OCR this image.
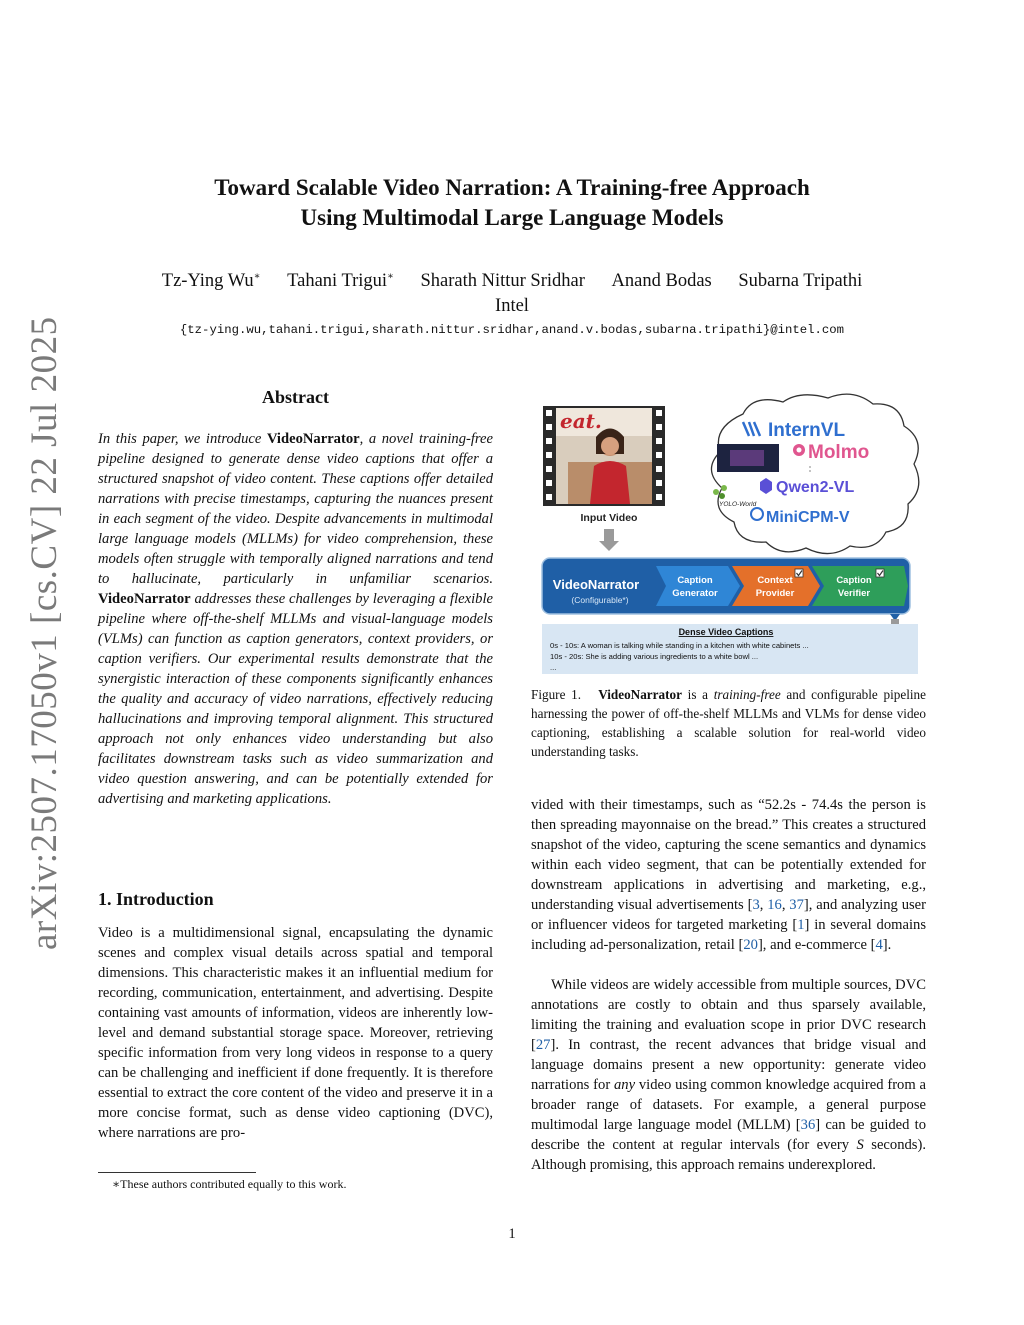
arXiv:2507.17050v1 [cs.CV] 22 Jul 2025
Toward Scalable Video Narration: A Training-free Approach
Using Multimodal Large Language Models
Tz-Ying Wu∗ Tahani Trigui∗ Sharath Nittur Sridhar Anand Bodas Subarna Tripathi
Intel
{tz-ying.wu,tahani.trigui,sharath.nittur.sridhar,anand.v.bodas,subarna.tripathi}@intel.com
Abstract
In this paper, we introduce VideoNarrator, a novel training-free pipeline designed to generate dense video captions that offer a structured snapshot of video content. These captions offer detailed narrations with precise timestamps, capturing the nuances present in each segment of the video. Despite advancements in multimodal large language models (MLLMs) for video comprehension, these models often struggle with temporally aligned narrations and tend to hallucinate, particularly in unfamiliar scenarios. VideoNarrator addresses these challenges by leveraging a flexible pipeline where off-the-shelf MLLMs and visual-language models (VLMs) can function as caption generators, context providers, or caption verifiers. Our experimental results demonstrate that the synergistic interaction of these components significantly enhances the quality and accuracy of video narrations, effectively reducing hallucinations and improving temporal alignment. This structured approach not only enhances video understanding but also facilitates downstream tasks such as video summarization and video question answering, and can be potentially extended for advertising and marketing applications.
1. Introduction
Video is a multidimensional signal, encapsulating the dynamic scenes and complex visual details across spatial and temporal dimensions. This characteristic makes it an influential medium for recording, communication, entertainment, and advertising. Despite containing vast amounts of information, videos are inherently low-level and demand substantial storage space. Moreover, retrieving specific information from very long videos in response to a query can be challenging and inefficient if done frequently. It is therefore essential to extract the core content of the video and preserve it in a more concise format, such as dense video captioning (DVC), where narrations are pro-
∗These authors contributed equally to this work.
eat.
Input Video
InternVL
Molmo
YOLO-World
Qwen2-VL
MiniCPM-V
VideoNarrator
(Configurable*)
Caption
Generator
Context
Provider
Caption
Verifier
Dense Video Captions
0s - 10s: A woman is talking while standing in a kitchen with white cabinets ...
10s - 20s: She is adding various ingredients to a white bowl ...
...
Figure 1. VideoNarrator is a training-free and configurable pipeline harnessing the power of off-the-shelf MLLMs and VLMs for dense video captioning, establishing a scalable solution for real-world video understanding tasks.
vided with their timestamps, such as “52.2s - 74.4s the person is then spreading mayonnaise on the bread.” This creates a structured snapshot of the video, capturing the scene semantics and dynamics within each video segment, that can be potentially extended for downstream applications in advertising and marketing, e.g., understanding visual advertisements [3, 16, 37], and analyzing user or influencer videos for targeted marketing [1] in several domains including ad-personalization, retail [20], and e-commerce [4].
While videos are widely accessible from multiple sources, DVC annotations are costly to obtain and thus sparsely available, limiting the training and evaluation scope in prior DVC research [27]. In contrast, the recent advances that bridge visual and language domains present a new opportunity: generate video narrations for any video using common knowledge acquired from a broader range of datasets. For example, a general purpose multimodal large language model (MLLM) [36] can be guided to describe the content at regular intervals (for every S seconds). Although promising, this approach remains underexplored.
1
